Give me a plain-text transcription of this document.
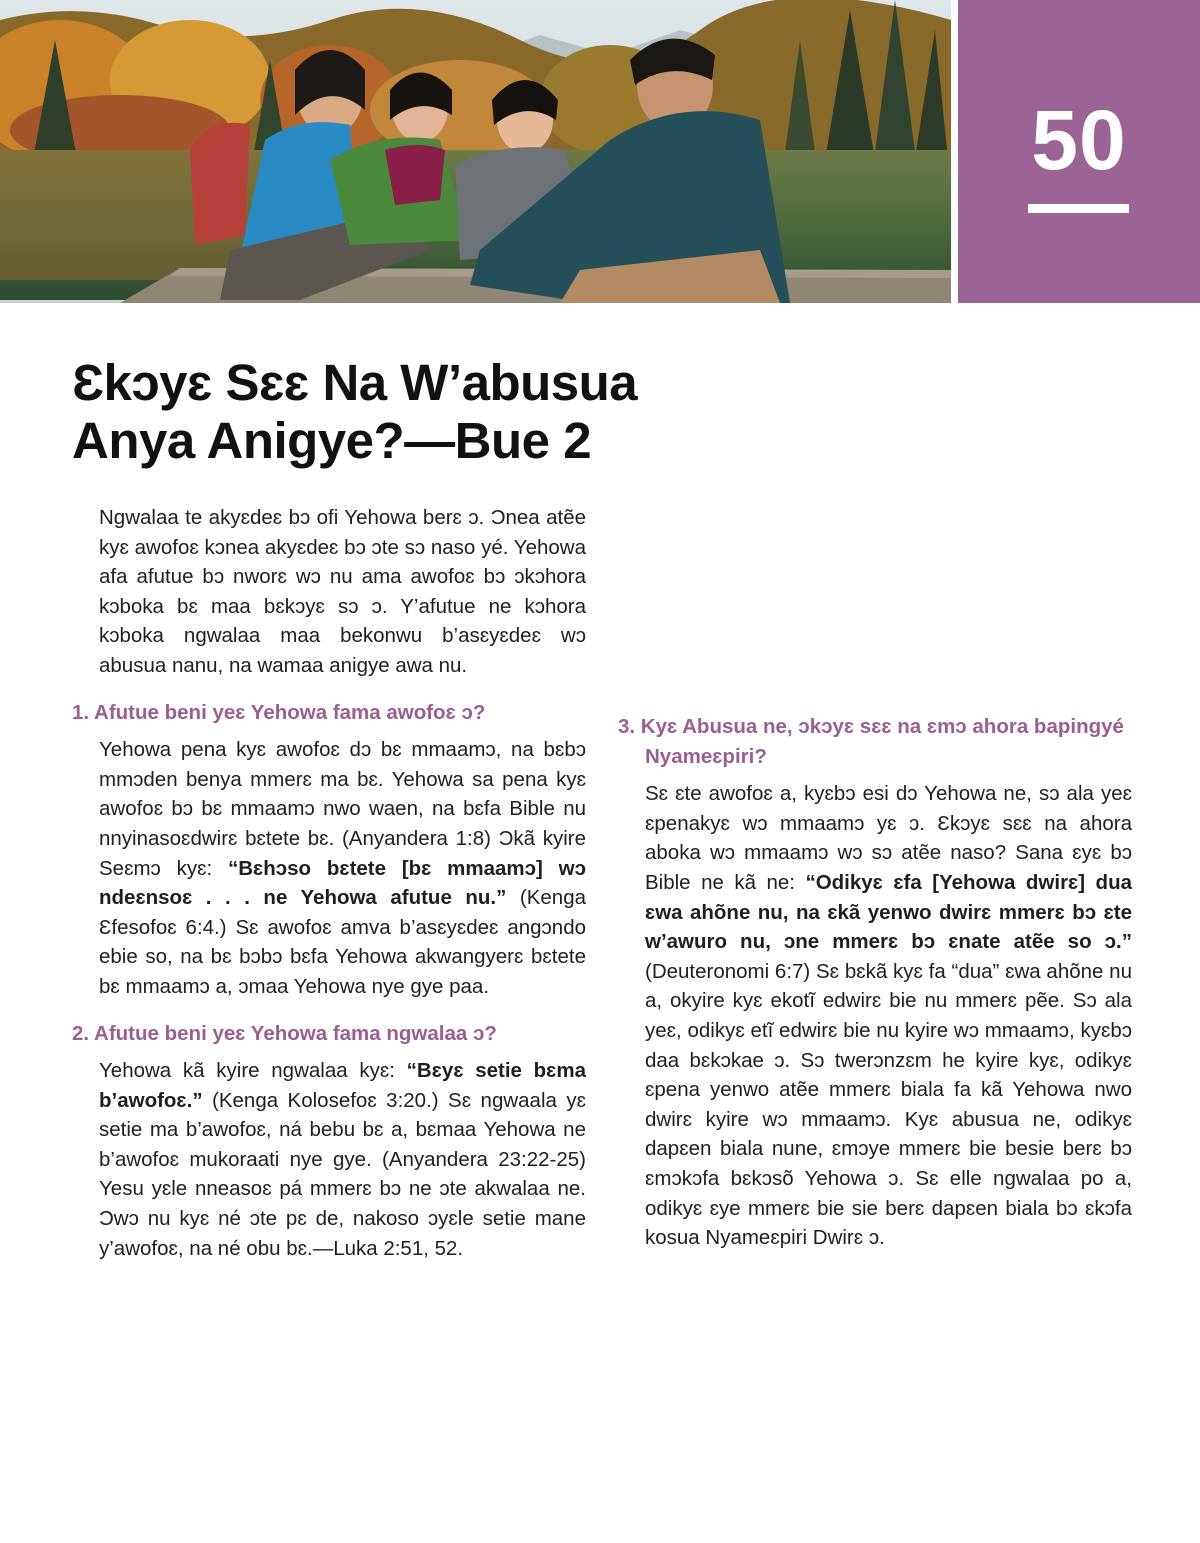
50
Ɛkɔyɛ Sɛɛ Na W’abusua
Anya Anigye?—Bue 2

Ngwalaa te akyɛdeɛ bɔ ofi Yehowa berɛ ɔ. Ɔnea atẽe kyɛ awofoɛ kɔnea akyɛdeɛ bɔ ɔte sɔ naso yé. Yehowa afa afutue bɔ nworɛ wɔ nu ama awofoɛ bɔ ɔkɔhora kɔboka bɛ maa bɛkɔyɛ sɔ ɔ. Y’afutue ne kɔhora kɔboka ngwalaa maa bekonwu b’asɛyɛdeɛ wɔ abusua nanu, na wamaa anigye awa nu.

1. Afutue beni yeɛ Yehowa fama awofoɛ ɔ?

Yehowa pena kyɛ awofoɛ dɔ bɛ mmaamɔ, na bɛbɔ mmɔden benya mmerɛ ma bɛ. Yehowa sa pena kyɛ awofoɛ bɔ bɛ mmaamɔ nwo waen, na bɛfa Bible nu nnyinasoɛdwirɛ bɛtete bɛ. (Anyandera 1:8) Ɔkã kyire Seɛmɔ kyɛ: “Bɛhɔso bɛtete [bɛ mmaamɔ] wɔ ndeɛnsoɛ . . . ne Yehowa afutue nu.” (Kenga Ɛfesofoɛ 6:4.) Sɛ awofoɛ amva b’asɛyɛdeɛ angɔndo ebie so, na bɛ bɔbɔ bɛfa Yehowa akwangyerɛ bɛtete bɛ mmaamɔ a, ɔmaa Yehowa nye gye paa.

2. Afutue beni yeɛ Yehowa fama ngwalaa ɔ?

Yehowa kã kyire ngwalaa kyɛ: “Bɛyɛ setie bɛma b’awofoɛ.” (Kenga Kolosefoɛ 3:20.) Sɛ ngwaala yɛ setie ma b’awofoɛ, ná bebu bɛ a, bɛmaa Yehowa ne b’awofoɛ mukoraati nye gye. (Anyandera 23:22-25) Yesu yɛle nneasoɛ pá mmerɛ bɔ ne ɔte akwalaa ne. Ɔwɔ nu kyɛ né ɔte pɛ de, nakoso ɔyɛle setie mane y’awofoɛ, na né obu bɛ.—Luka 2:51, 52.

3. Kyɛ Abusua ne, ɔkɔyɛ sɛɛ na ɛmɔ ahora bapingyé Nyameɛpiri?

Sɛ ɛte awofoɛ a, kyɛbɔ esi dɔ Yehowa ne, sɔ ala yeɛ ɛpenakyɛ wɔ mmaamɔ yɛ ɔ. Ɛkɔyɛ sɛɛ na ahora aboka wɔ mmaamɔ wɔ sɔ atẽe naso? Sana ɛyɛ bɔ Bible ne kã ne: “Odikyɛ ɛfa [Yehowa dwirɛ] dua ɛwa ahõne nu, na ɛkã yenwo dwirɛ mmerɛ bɔ ɛte w’awuro nu, ɔne mmerɛ bɔ ɛnate atẽe so ɔ.” (Deuteronomi 6:7) Sɛ bɛkã kyɛ fa “dua” ɛwa ahõne nu a, okyire kyɛ ekotĩ edwirɛ bie nu mmerɛ pẽe. Sɔ ala yeɛ, odikyɛ etĩ edwirɛ bie nu kyire wɔ mmaamɔ, kyɛbɔ daa bɛkɔkae ɔ. Sɔ twerɔnzɛm he kyire kyɛ, odikyɛ ɛpena yenwo atẽe mmerɛ biala fa kã Yehowa nwo dwirɛ kyire wɔ mmaamɔ. Kyɛ abusua ne, odikyɛ dapɛen biala nune, ɛmɔye mmerɛ bie besie berɛ bɔ ɛmɔkɔfa bɛkɔsõ Yehowa ɔ. Sɛ elle ngwalaa po a, odikyɛ ɛye mmerɛ bie sie berɛ dapɛen biala bɔ ɛkɔfa kosua Nyameɛpiri Dwirɛ ɔ.
